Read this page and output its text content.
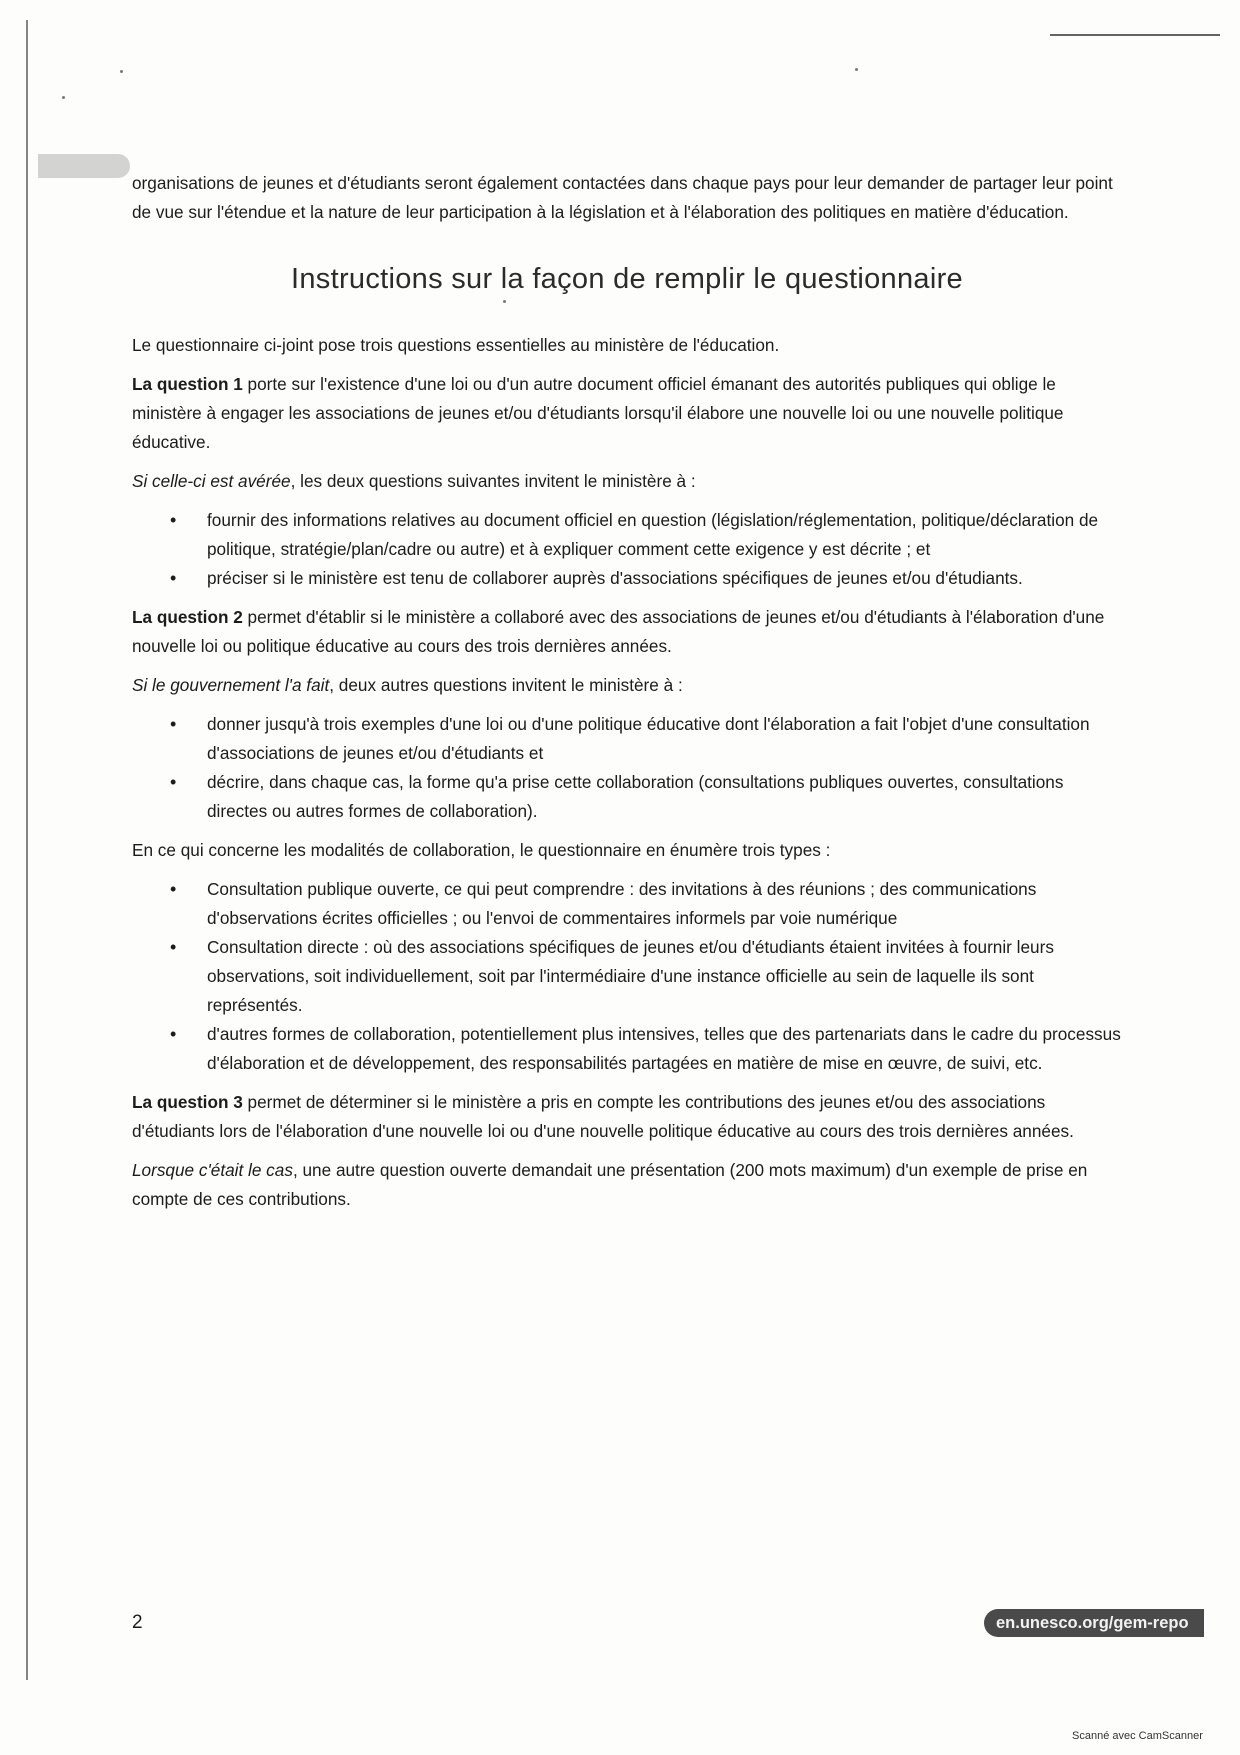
organisations de jeunes et d'étudiants seront également contactées dans chaque pays pour leur demander de partager leur point de vue sur l'étendue et la nature de leur participation à la législation et à l'élaboration des politiques en matière d'éducation.

Instructions sur la façon de remplir le questionnaire

Le questionnaire ci-joint pose trois questions essentielles au ministère de l'éducation.

La question 1 porte sur l'existence d'une loi ou d'un autre document officiel émanant des autorités publiques qui oblige le ministère à engager les associations de jeunes et/ou d'étudiants lorsqu'il élabore une nouvelle loi ou une nouvelle politique éducative.

Si celle-ci est avérée, les deux questions suivantes invitent le ministère à :

• fournir des informations relatives au document officiel en question (législation/réglementation, politique/déclaration de politique, stratégie/plan/cadre ou autre) et à expliquer comment cette exigence y est décrite ; et
• préciser si le ministère est tenu de collaborer auprès d'associations spécifiques de jeunes et/ou d'étudiants.

La question 2 permet d'établir si le ministère a collaboré avec des associations de jeunes et/ou d'étudiants à l'élaboration d'une nouvelle loi ou politique éducative au cours des trois dernières années.

Si le gouvernement l'a fait, deux autres questions invitent le ministère à :

• donner jusqu'à trois exemples d'une loi ou d'une politique éducative dont l'élaboration a fait l'objet d'une consultation d'associations de jeunes et/ou d'étudiants et
• décrire, dans chaque cas, la forme qu'a prise cette collaboration (consultations publiques ouvertes, consultations directes ou autres formes de collaboration).

En ce qui concerne les modalités de collaboration, le questionnaire en énumère trois types :

• Consultation publique ouverte, ce qui peut comprendre : des invitations à des réunions ; des communications d'observations écrites officielles ; ou l'envoi de commentaires informels par voie numérique
• Consultation directe : où des associations spécifiques de jeunes et/ou d'étudiants étaient invitées à fournir leurs observations, soit individuellement, soit par l'intermédiaire d'une instance officielle au sein de laquelle ils sont représentés.
• d'autres formes de collaboration, potentiellement plus intensives, telles que des partenariats dans le cadre du processus d'élaboration et de développement, des responsabilités partagées en matière de mise en œuvre, de suivi, etc.

La question 3 permet de déterminer si le ministère a pris en compte les contributions des jeunes et/ou des associations d'étudiants lors de l'élaboration d'une nouvelle loi ou d'une nouvelle politique éducative au cours des trois dernières années.

Lorsque c'était le cas, une autre question ouverte demandait une présentation (200 mots maximum) d'un exemple de prise en compte de ces contributions.

2	en.unesco.org/gem-repo
Scanné avec CamScanner
